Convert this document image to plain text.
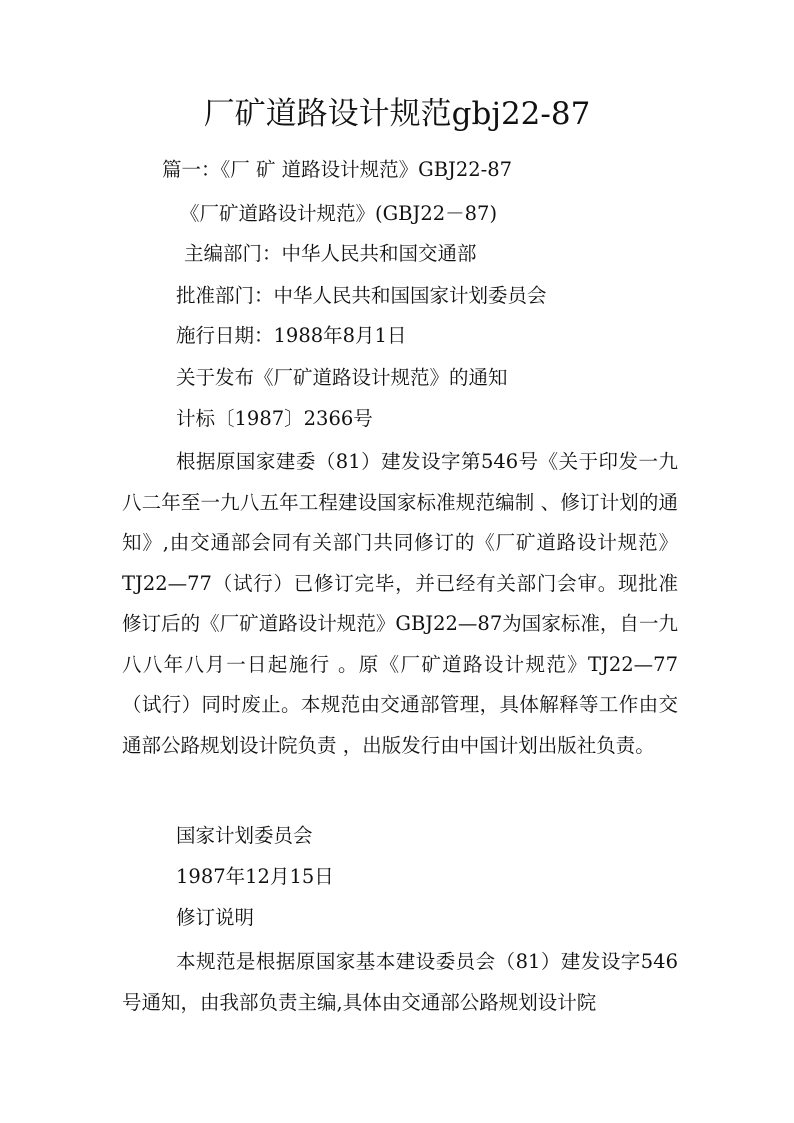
厂矿道路设计规范gbj22-87
篇一：《厂 矿 道路设计规范》GBJ22-87
《厂矿道路设计规范》(GBJ22－87)
主编部门：中华人民共和国交通部
批准部门：中华人民共和国国家计划委员会
施行日期：1988年8月1日
关于发布《厂矿道路设计规范》的通知
计标〔1987〕2366号

根据原国家建委（81）建发设字第546号《关于印发一九八二年至一九八五年工程建设国家标准规范编制 、修订计划的通知》,由交通部会同有关部门共同修订的《厂矿道路设计规范》TJ22—77（试行）已修订完毕，并已经有关部门会审。现批准修订后的《厂矿道路设计规范》GBJ22—87为国家标准，自一九八八年八月一日起施行 。原《厂矿道路设计规范》TJ22—77（试行）同时废止。本规范由交通部管理，具体解释等工作由交通部公路规划设计院负责 ，出版发行由中国计划出版社负责。

国家计划委员会
1987年12月15日
修订说明

本规范是根据原国家基本建设委员会（81）建发设字546号通知，由我部负责主编,具体由交通部公路规划设计院
